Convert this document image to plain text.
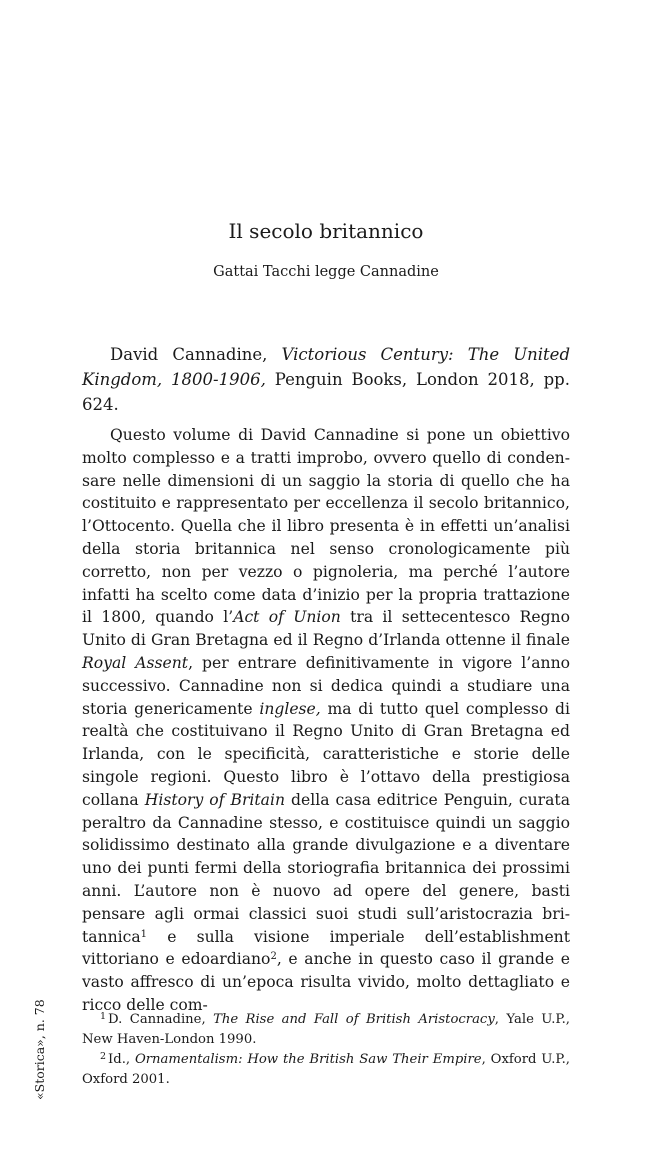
Il secolo britannico
Gattai Tacchi legge Cannadine

David Cannadine, Victorious Century: The United Kingdom, 1800-1906, Penguin Books, London 2018, pp. 624.

Questo volume di David Cannadine si pone un obiettivo molto complesso e a tratti improbo, ovvero quello di condensare nelle dimensioni di un saggio la storia di quello che ha costituito e rappresentato per eccellenza il secolo britannico, l’Ottocento. Quella che il libro presenta è in effetti un’analisi della storia britannica nel senso cronologicamente più corretto, non per vezzo o pignoleria, ma perché l’autore infatti ha scelto come data d’inizio per la propria trattazione il 1800, quando l’Act of Union tra il settecentesco Regno Unito di Gran Bretagna ed il Regno d’Irlanda ottenne il finale Royal Assent, per entrare definitivamente in vigore l’anno successivo. Cannadine non si dedica quindi a studiare una storia genericamente inglese, ma di tutto quel complesso di realtà che costituivano il Regno Unito di Gran Bretagna ed Irlanda, con le specificità, caratteristiche e storie delle singole regioni. Questo libro è l’ottavo della prestigiosa collana History of Britain della casa editrice Penguin, curata peraltro da Cannadine stesso, e costituisce quindi un saggio solidissimo destinato alla grande divulgazione e a diventare uno dei punti fermi della storiografia britannica dei prossimi anni. L’autore non è nuovo ad opere del genere, basti pensare agli ormai classici suoi studi sull’aristocrazia britannica$^1$ e sulla visione imperiale dell’establishment vittoriano e edoardiano$^2$, e anche in questo caso il grande e vasto affresco di un’epoca risulta vivido, molto dettagliato e ricco delle com-

$^1$ D. Cannadine, The Rise and Fall of British Aristocracy, Yale U.P., New Haven-London 1990.

$^2$ Id., Ornamentalism: How the British Saw Their Empire, Oxford U.P., Oxford 2001.

«Storica», n. 78
